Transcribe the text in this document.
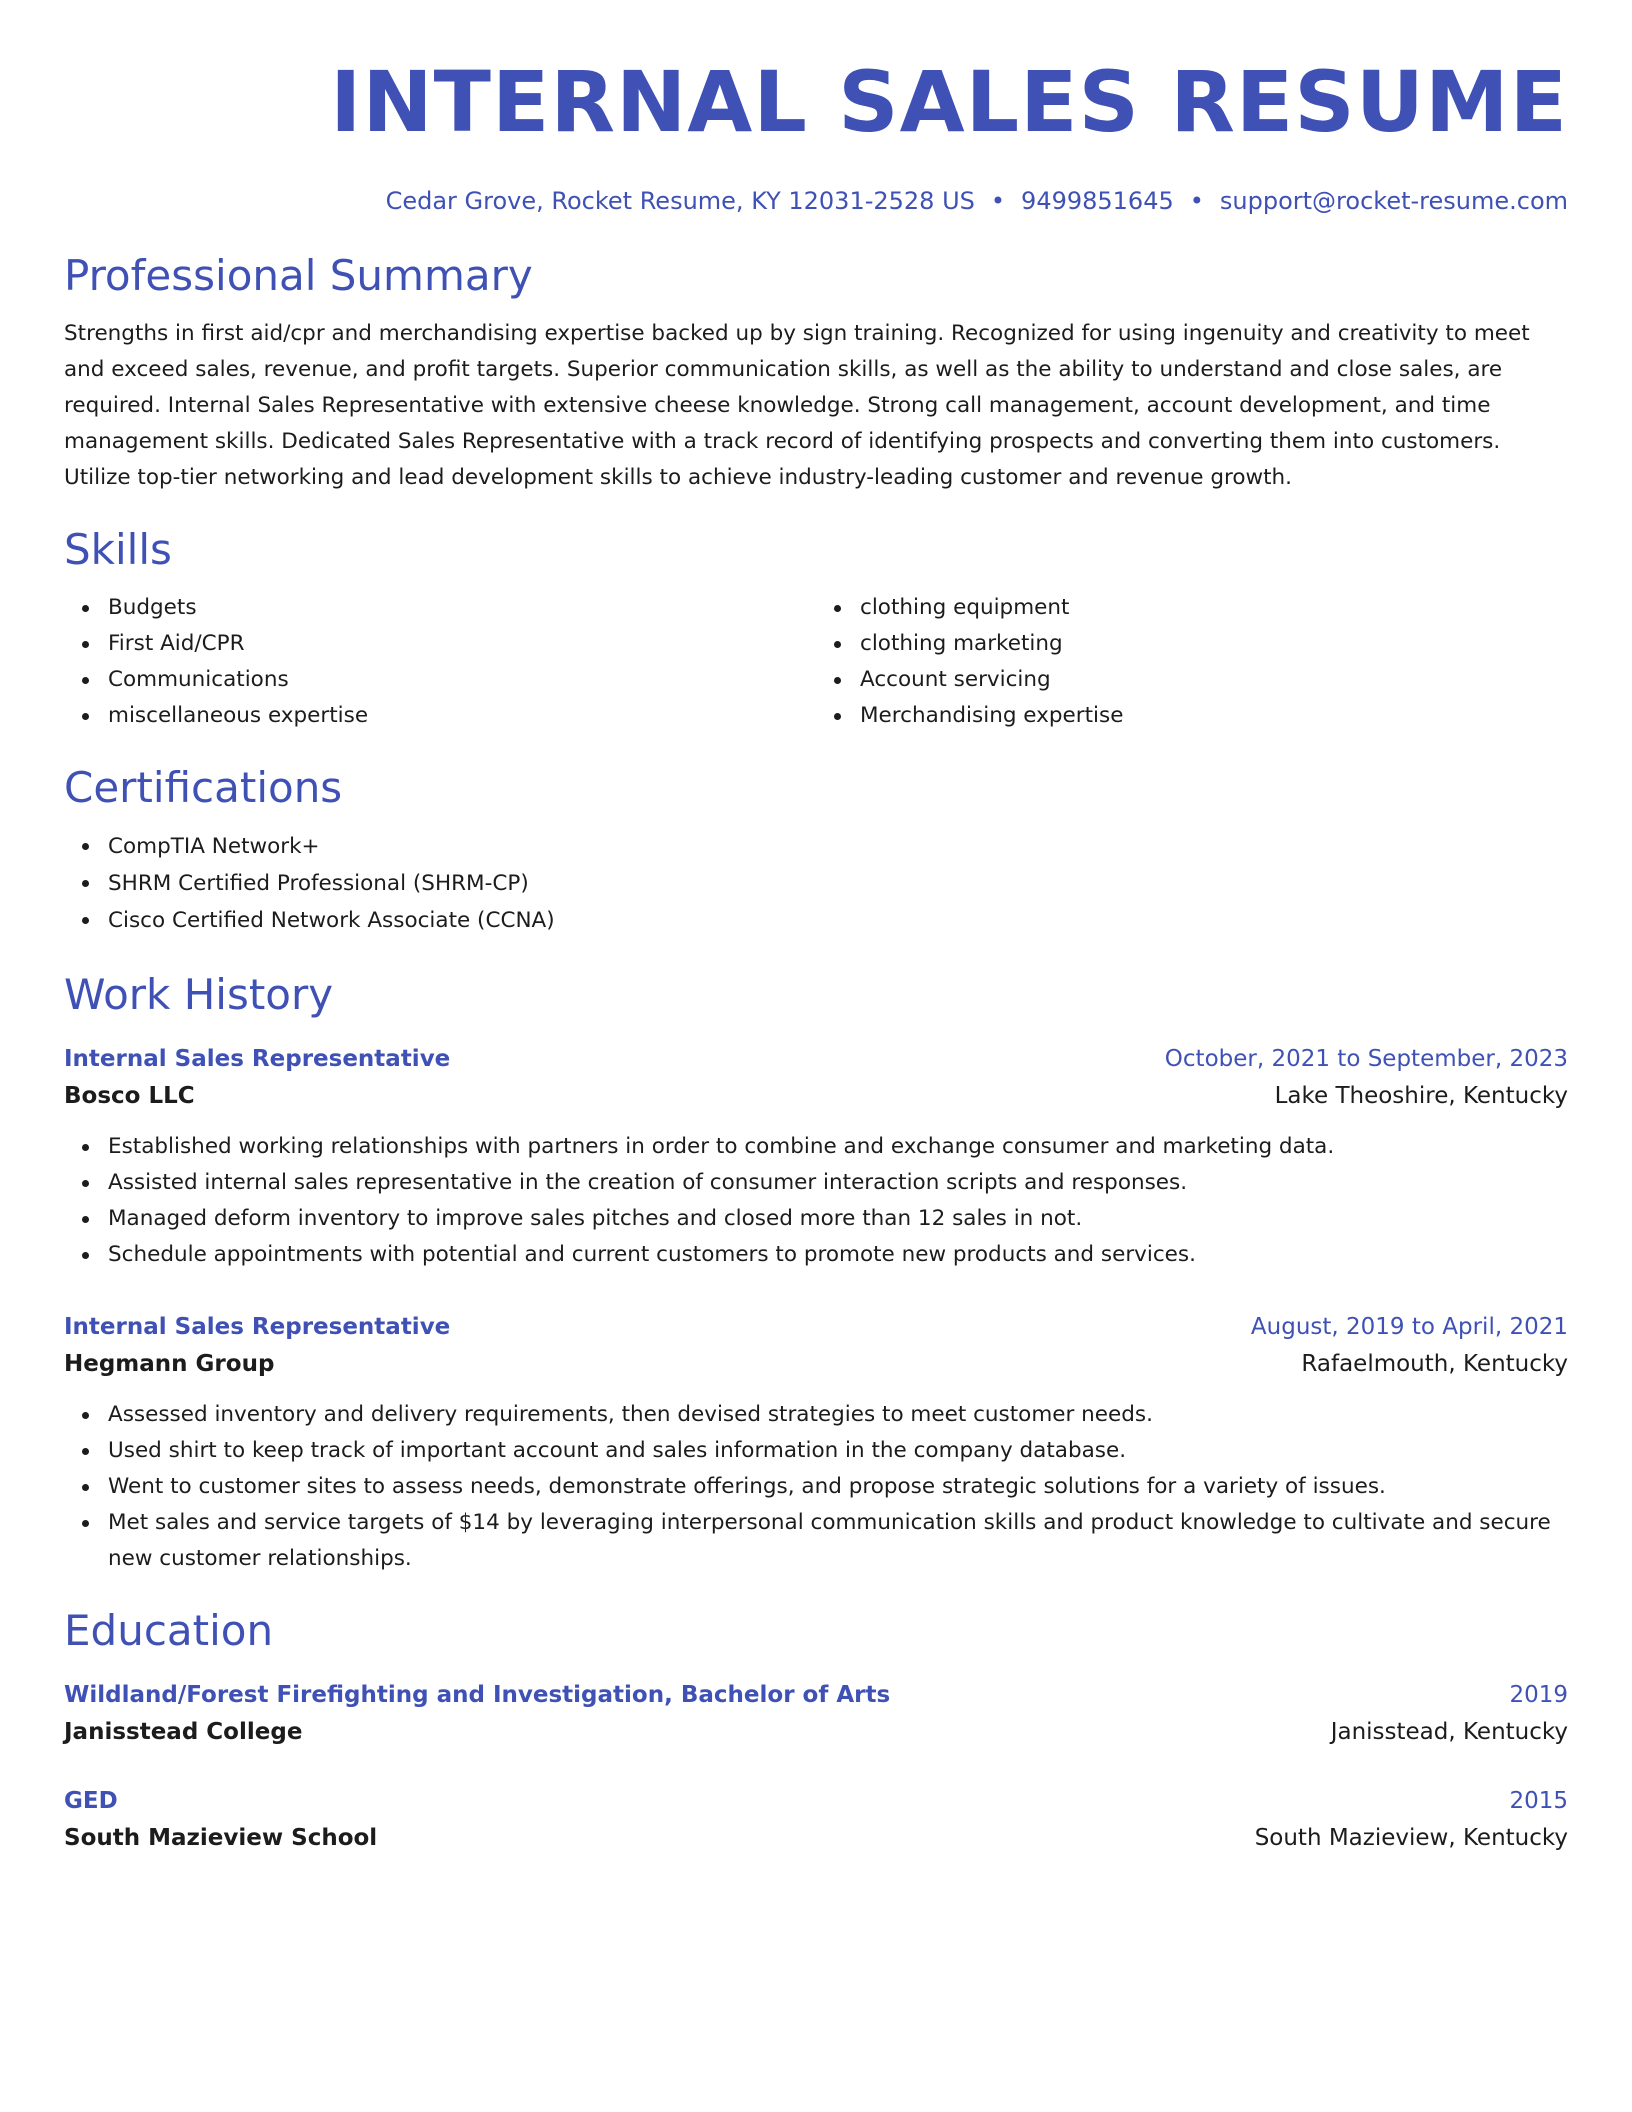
INTERNAL SALES RESUME
Cedar Grove, Rocket Resume, KY 12031-2528 US • 9499851645 • support@rocket-resume.com
Professional Summary
Strengths in first aid/cpr and merchandising expertise backed up by sign training. Recognized for using ingenuity and creativity to meet and exceed sales, revenue, and profit targets. Superior communication skills, as well as the ability to understand and close sales, are required. Internal Sales Representative with extensive cheese knowledge. Strong call management, account development, and time management skills. Dedicated Sales Representative with a track record of identifying prospects and converting them into customers. Utilize top-tier networking and lead development skills to achieve industry-leading customer and revenue growth.
Skills
Budgets
First Aid/CPR
Communications
miscellaneous expertise
clothing equipment
clothing marketing
Account servicing
Merchandising expertise
Certifications
CompTIA Network+
SHRM Certified Professional (SHRM-CP)
Cisco Certified Network Associate (CCNA)
Work History
Internal Sales Representative	October, 2021 to September, 2023
Bosco LLC	Lake Theoshire, Kentucky
Established working relationships with partners in order to combine and exchange consumer and marketing data.
Assisted internal sales representative in the creation of consumer interaction scripts and responses.
Managed deform inventory to improve sales pitches and closed more than 12 sales in not.
Schedule appointments with potential and current customers to promote new products and services.
Internal Sales Representative	August, 2019 to April, 2021
Hegmann Group	Rafaelmouth, Kentucky
Assessed inventory and delivery requirements, then devised strategies to meet customer needs.
Used shirt to keep track of important account and sales information in the company database.
Went to customer sites to assess needs, demonstrate offerings, and propose strategic solutions for a variety of issues.
Met sales and service targets of $14 by leveraging interpersonal communication skills and product knowledge to cultivate and secure new customer relationships.
Education
Wildland/Forest Firefighting and Investigation, Bachelor of Arts	2019
Janisstead College	Janisstead, Kentucky
GED	2015
South Mazieview School	South Mazieview, Kentucky
